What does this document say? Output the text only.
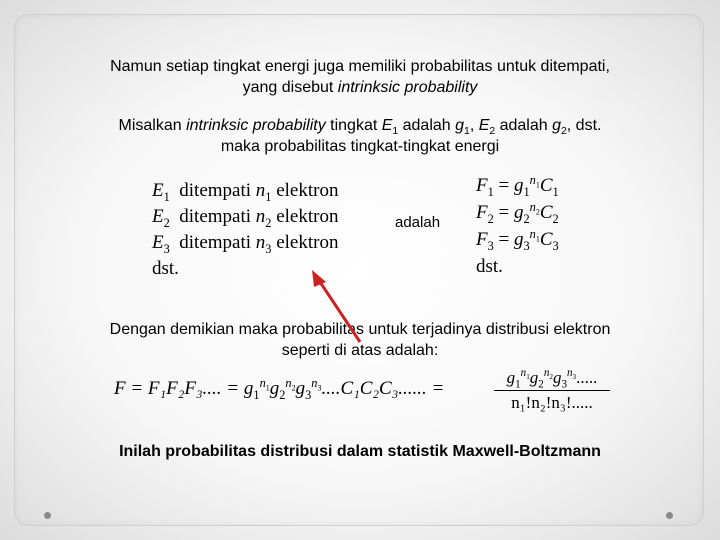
Namun setiap tingkat energi juga memiliki probabilitas untuk ditempati,
yang disebut intrinksic probability
Misalkan intrinksic probability tingkat $E_1$ adalah $g_1$, $E_2$ adalah $g_2$, dst.
maka probabilitas tingkat-tingkat energi
$E_1$ ditempati $n_1$ elektron
$E_2$ ditempati $n_2$ elektron
$E_3$ ditempati $n_3$ elektron
dst.
adalah
$F_1 = g_1^{n_1}C_1$
$F_2 = g_2^{n_2}C_2$
$F_3 = g_3^{n_1}C_3$
dst.
Dengan demikian maka probabilitas untuk terjadinya distribusi elektron
seperti di atas adalah:
F = F₁F₂F₃.... = $g_1^{n_1}g_2^{n_2}g_3^{n_3}....C_1C_2C_3$...... =	$\frac{g_1^{n_1}g_2^{n_2}g_3^{n_3}.....}{\text{n₁!n₂!n₃!.....}}$
Inilah probabilitas distribusi dalam statistik Maxwell-Boltzmann
